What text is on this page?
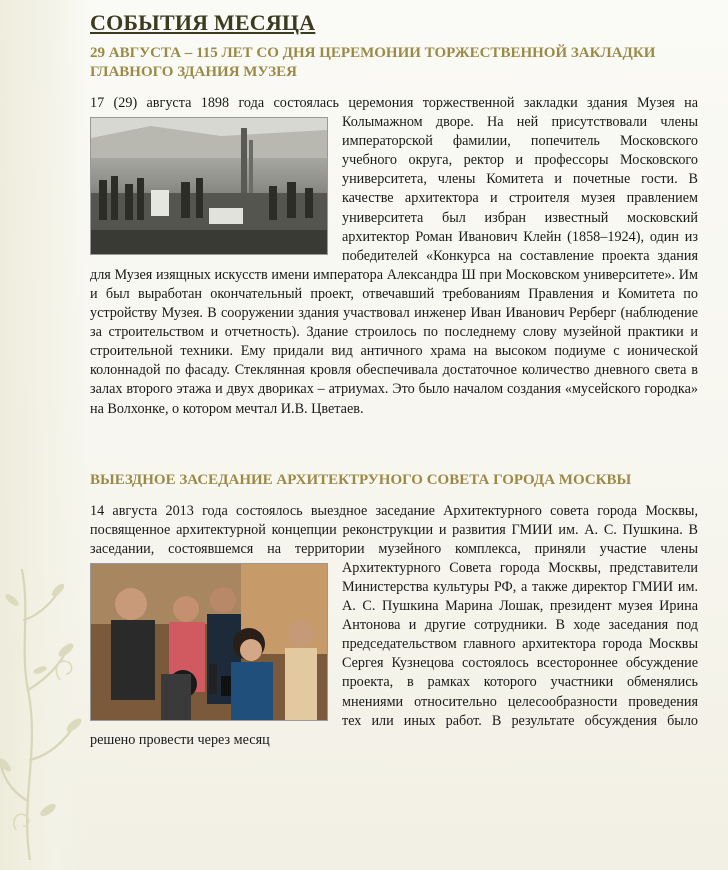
СОБЫТИЯ МЕСЯЦА
29 АВГУСТА – 115 ЛЕТ СО ДНЯ ЦЕРЕМОНИИ ТОРЖЕСТВЕННОЙ ЗАКЛАДКИ ГЛАВНОГО ЗДАНИЯ МУЗЕЯ
17 (29) августа 1898 года состоялась церемония торжественной закладки здания Музея на Колымажном дворе. На ней присутствовали члены императорской фамилии, попечитель Московского учебного округа, ректор и профессоры Московского университета, члены Комитета и почетные гости. В качестве архитектора и строителя музея правлением университета был избран известный московский архитектор Роман Иванович Клейн (1858–1924), один из победителей «Конкурса на составление проекта здания для Музея изящных искусств имени императора Александра Ш при Московском университете». Им и был выработан окончательный проект, отвечавший требованиям Правления и Комитета по устройству Музея. В сооружении здания участвовал инженер Иван Иванович Рерберг (наблюдение за строительством и отчетность). Здание строилось по последнему слову музейной практики и строительной техники. Ему придали вид античного храма на высоком подиуме с ионической колоннадой по фасаду. Стеклянная кровля обеспечивала достаточное количество дневного света в залах второго этажа и двух двориках – атриумах. Это было началом создания «мусейского городка» на Волхонке, о котором мечтал И.В. Цветаев.
ВЫЕЗДНОЕ ЗАСЕДАНИЕ АРХИТЕКТРУНОГО СОВЕТА ГОРОДА МОСКВЫ
14 августа 2013 года состоялось выездное заседание Архитектурного совета города Москвы, посвященное архитектурной концепции реконструкции и развития ГМИИ им. А. С. Пушкина. В заседании, состоявшемся на территории музейного комплекса, приняли участие члены Архитектурного Совета города Москвы, представители Министерства культуры РФ, а также директор ГМИИ им. А. С. Пушкина Марина Лошак, президент музея Ирина Антонова и другие сотрудники. В ходе заседания под председательством главного архитектора города Москвы Сергея Кузнецова состоялось всестороннее обсуждение проекта, в рамках которого участники обменялись мнениями относительно целесообразности проведения тех или иных работ. В результате обсуждения было решено провести через месяц
